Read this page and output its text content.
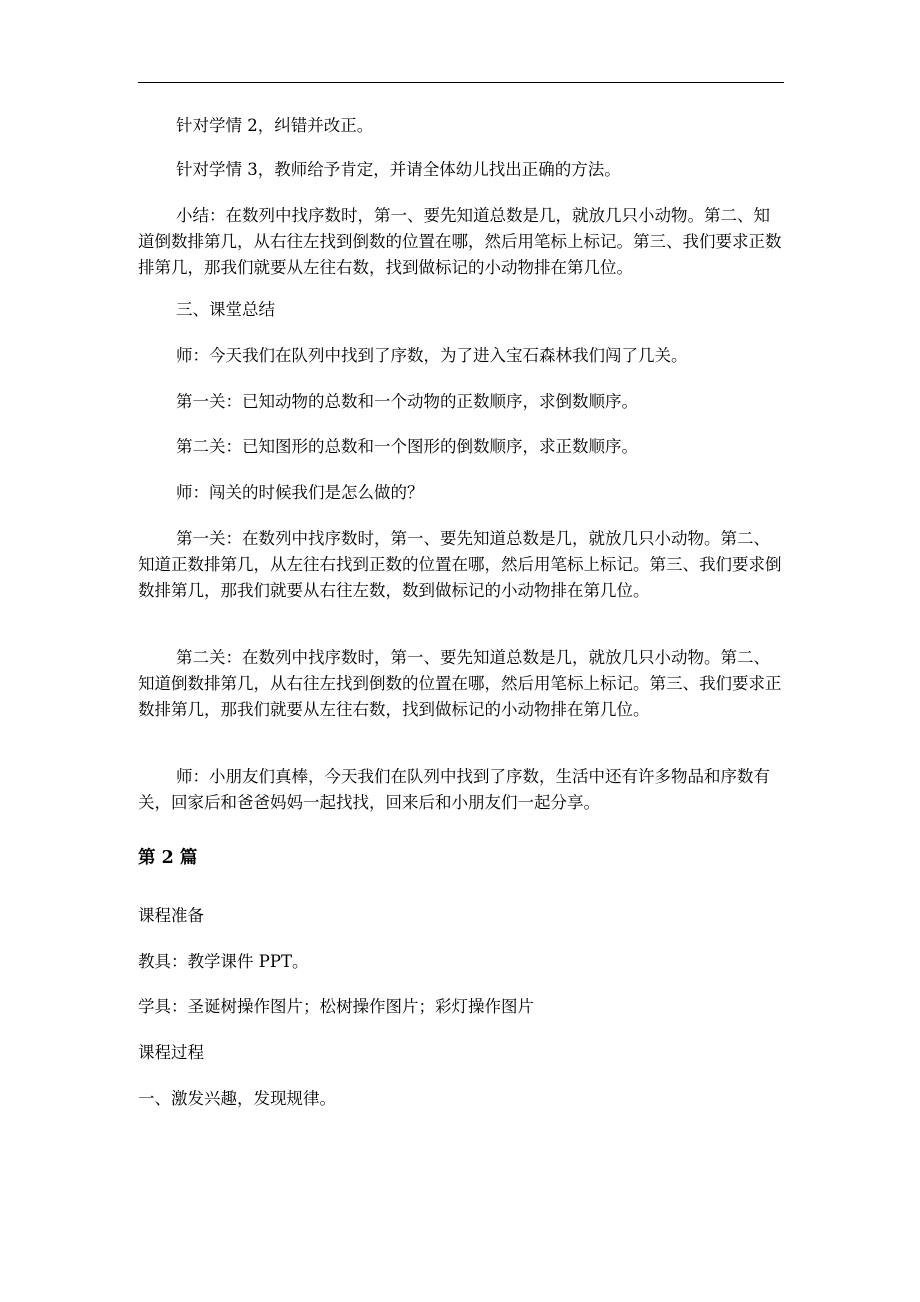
针对学情 2，纠错并改正。

针对学情 3，教师给予肯定，并请全体幼儿找出正确的方法。

小结：在数列中找序数时，第一、要先知道总数是几，就放几只小动物。第二、知道倒数排第几，从右往左找到倒数的位置在哪，然后用笔标上标记。第三、我们要求正数排第几，那我们就要从左往右数，找到做标记的小动物排在第几位。

三、课堂总结

师：今天我们在队列中找到了序数，为了进入宝石森林我们闯了几关。

第一关：已知动物的总数和一个动物的正数顺序，求倒数顺序。

第二关：已知图形的总数和一个图形的倒数顺序，求正数顺序。

师：闯关的时候我们是怎么做的？

第一关：在数列中找序数时，第一、要先知道总数是几，就放几只小动物。第二、知道正数排第几，从左往右找到正数的位置在哪，然后用笔标上标记。第三、我们要求倒数排第几，那我们就要从右往左数，数到做标记的小动物排在第几位。

第二关：在数列中找序数时，第一、要先知道总数是几，就放几只小动物。第二、知道倒数排第几，从右往左找到倒数的位置在哪，然后用笔标上标记。第三、我们要求正数排第几，那我们就要从左往右数，找到做标记的小动物排在第几位。

师：小朋友们真棒，今天我们在队列中找到了序数，生活中还有许多物品和序数有关，回家后和爸爸妈妈一起找找，回来后和小朋友们一起分享。

第 2 篇

课程准备

教具：教学课件 PPT。

学具：圣诞树操作图片；松树操作图片；彩灯操作图片

课程过程

一、激发兴趣，发现规律。
